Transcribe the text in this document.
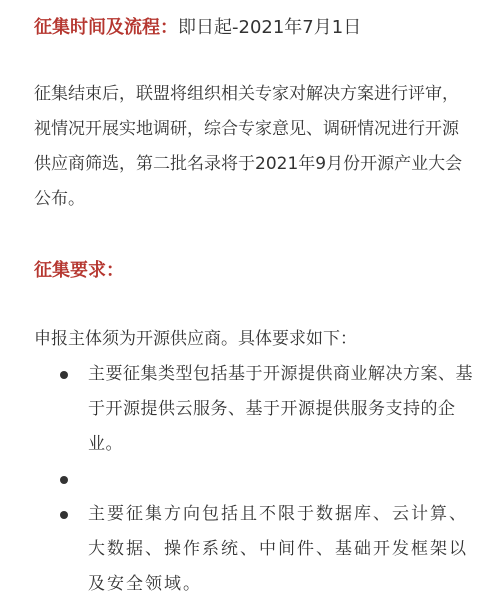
征集时间及流程：即日起-2021年7月1日

征集结束后，联盟将组织相关专家对解决方案进行评审，视情况开展实地调研，综合专家意见、调研情况进行开源供应商筛选，第二批名录将于2021年9月份开源产业大会公布。

征集要求：

申报主体须为开源供应商。具体要求如下：

主要征集类型包括基于开源提供商业解决方案、基于开源提供云服务、基于开源提供服务支持的企业。
主要征集方向包括且不限于数据库、云计算、大数据、操作系统、中间件、基础开发框架以及安全领域。
